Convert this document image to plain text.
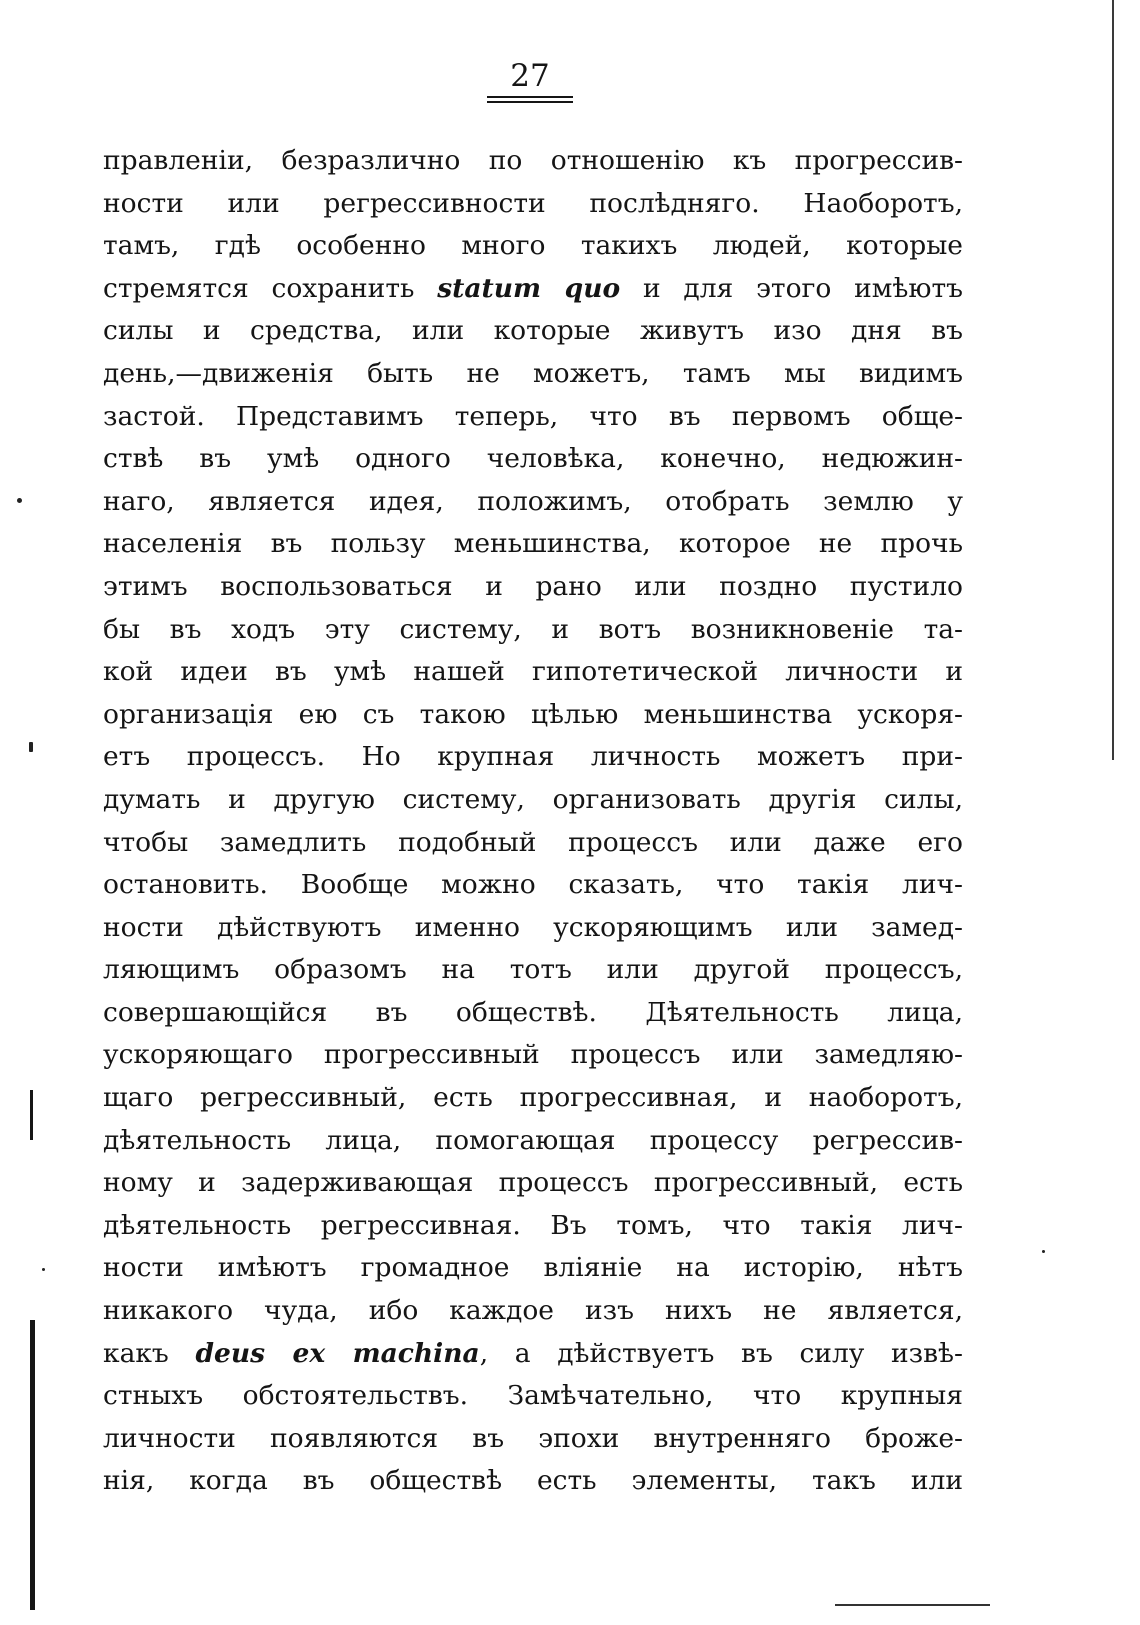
27
правленіи, безразлично по отношенію къ прогрессив-
ности или регрессивности послѣдняго. Наоборотъ,
тамъ, гдѣ особенно много такихъ людей, которые
стремятся сохранить statum quo и для этого имѣютъ
силы и средства, или которые живутъ изо дня въ
день,—движенія быть не можетъ, тамъ мы видимъ
застой. Представимъ теперь, что въ первомъ обще-
ствѣ въ умѣ одного человѣка, конечно, недюжин-
наго, является идея, положимъ, отобрать землю у
населенія въ пользу меньшинства, которое не прочь
этимъ воспользоваться и рано или поздно пустило
бы въ ходъ эту систему, и вотъ возникновеніе та-
кой идеи въ умѣ нашей гипотетической личности и
организація ею съ такою цѣлью меньшинства ускоря-
етъ процессъ. Но крупная личность можетъ при-
думать и другую систему, организовать другія силы,
чтобы замедлить подобный процессъ или даже его
остановить. Вообще можно сказать, что такія лич-
ности дѣйствуютъ именно ускоряющимъ или замед-
ляющимъ образомъ на тотъ или другой процессъ,
совершающійся въ обществѣ. Дѣятельность лица,
ускоряющаго прогрессивный процессъ или замедляю-
щаго регрессивный, есть прогрессивная, и наоборотъ,
дѣятельность лица, помогающая процессу регрессив-
ному и задерживающая процессъ прогрессивный, есть
дѣятельность регрессивная. Въ томъ, что такія лич-
ности имѣютъ громадное вліяніе на исторію, нѣтъ
никакого чуда, ибо каждое изъ нихъ не является,
какъ deus ex machina, а дѣйствуетъ въ силу извѣ-
стныхъ обстоятельствъ. Замѣчательно, что крупныя
личности появляются въ эпохи внутренняго броже-
нія, когда въ обществѣ есть элементы, такъ или
